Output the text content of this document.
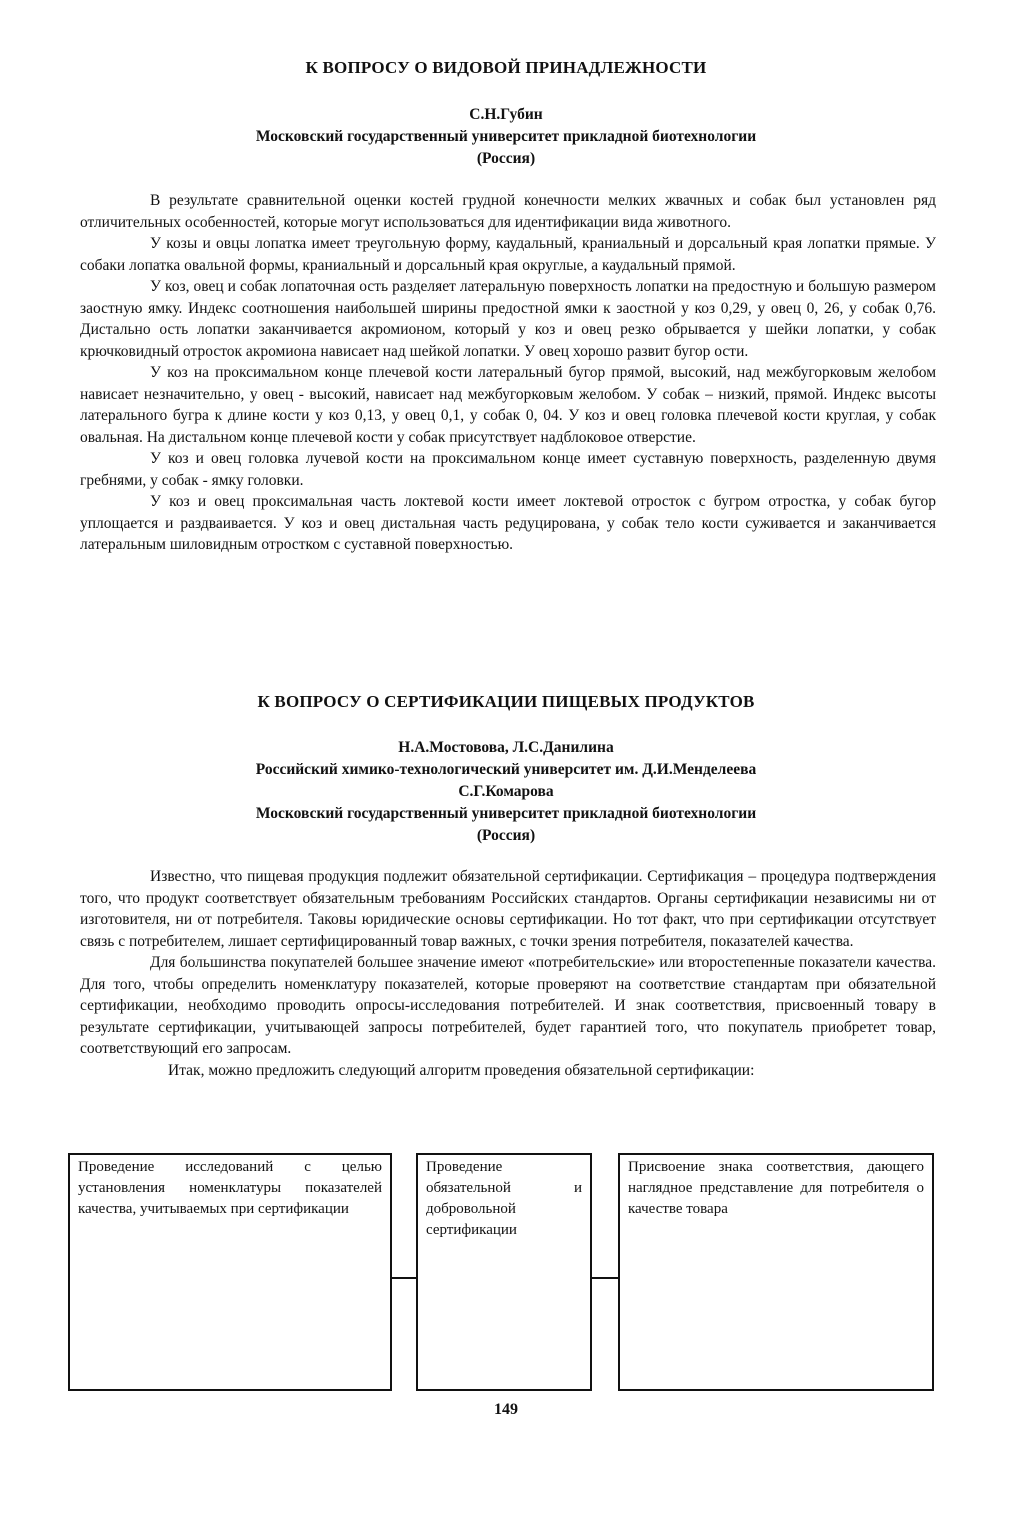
К ВОПРОСУ О ВИДОВОЙ ПРИНАДЛЕЖНОСТИ
С.Н.Губин
Московский государственный университет прикладной биотехнологии
(Россия)

В результате сравнительной оценки костей грудной конечности мелких жвачных и собак был установлен ряд отличительных особенностей, которые могут использоваться для идентификации вида животного.

У козы и овцы лопатка имеет треугольную форму, каудальный, краниальный и дорсальный края лопатки прямые. У собаки лопатка овальной формы, краниальный и дорсальный края округлые, а каудальный прямой.

У коз, овец и собак лопаточная ость разделяет латеральную поверхность лопатки на предостную и большую размером заостную ямку. Индекс соотношения наибольшей ширины предостной ямки к заостной у коз 0,29, у овец 0, 26, у собак 0,76. Дистально ость лопатки заканчивается акромионом, который у коз и овец резко обрывается у шейки лопатки, у собак крючковидный отросток акромиона нависает над шейкой лопатки. У овец хорошо развит бугор ости.

У коз на проксимальном конце плечевой кости латеральный бугор прямой, высокий, над межбугорковым желобом нависает незначительно, у овец - высокий, нависает над межбугорковым желобом. У собак – низкий, прямой. Индекс высоты латерального бугра к длине кости у коз 0,13, у овец 0,1, у собак 0, 04. У коз и овец головка плечевой кости круглая, у собак овальная. На дистальном конце плечевой кости у собак присутствует надблоковое отверстие.

У коз и овец головка лучевой кости на проксимальном конце имеет суставную поверхность, разделенную двумя гребнями, у собак - ямку головки.

У коз и овец проксимальная часть локтевой кости имеет локтевой отросток с бугром отростка, у собак бугор уплощается и раздваивается. У коз и овец дистальная часть редуцирована, у собак тело кости суживается и заканчивается латеральным шиловидным отростком с суставной поверхностью.

К ВОПРОСУ О СЕРТИФИКАЦИИ ПИЩЕВЫХ ПРОДУКТОВ
Н.А.Мостовова, Л.С.Данилина
Российский химико-технологический университет им. Д.И.Менделеева
С.Г.Комарова
Московский государственный университет прикладной биотехнологии
(Россия)

Известно, что пищевая продукция подлежит обязательной сертификации. Сертификация – процедура подтверждения того, что продукт соответствует обязательным требованиям Российских стандартов. Органы сертификации независимы ни от изготовителя, ни от потребителя. Таковы юридические основы сертификации. Но тот факт, что при сертификации отсутствует связь с потребителем, лишает сертифицированный товар важных, с точки зрения потребителя, показателей качества.

Для большинства покупателей большее значение имеют «потребительские» или второстепенные показатели качества. Для того, чтобы определить номенклатуру показателей, которые проверяют на соответствие стандартам при обязательной сертификации, необходимо проводить опросы-исследования потребителей. И знак соответствия, присвоенный товару в результате сертификации, учитывающей запросы потребителей, будет гарантией того, что покупатель приобретет товар, соответствующий его запросам.

Итак, можно предложить следующий алгоритм проведения обязательной сертификации:

Проведение исследований с целью установления номенклатуры показателей качества, учитываемых при сертификации
Проведение обязательной и добровольной сертификации
Присвоение знака соответствия, дающего наглядное представление для потребителя о качестве товара
149
